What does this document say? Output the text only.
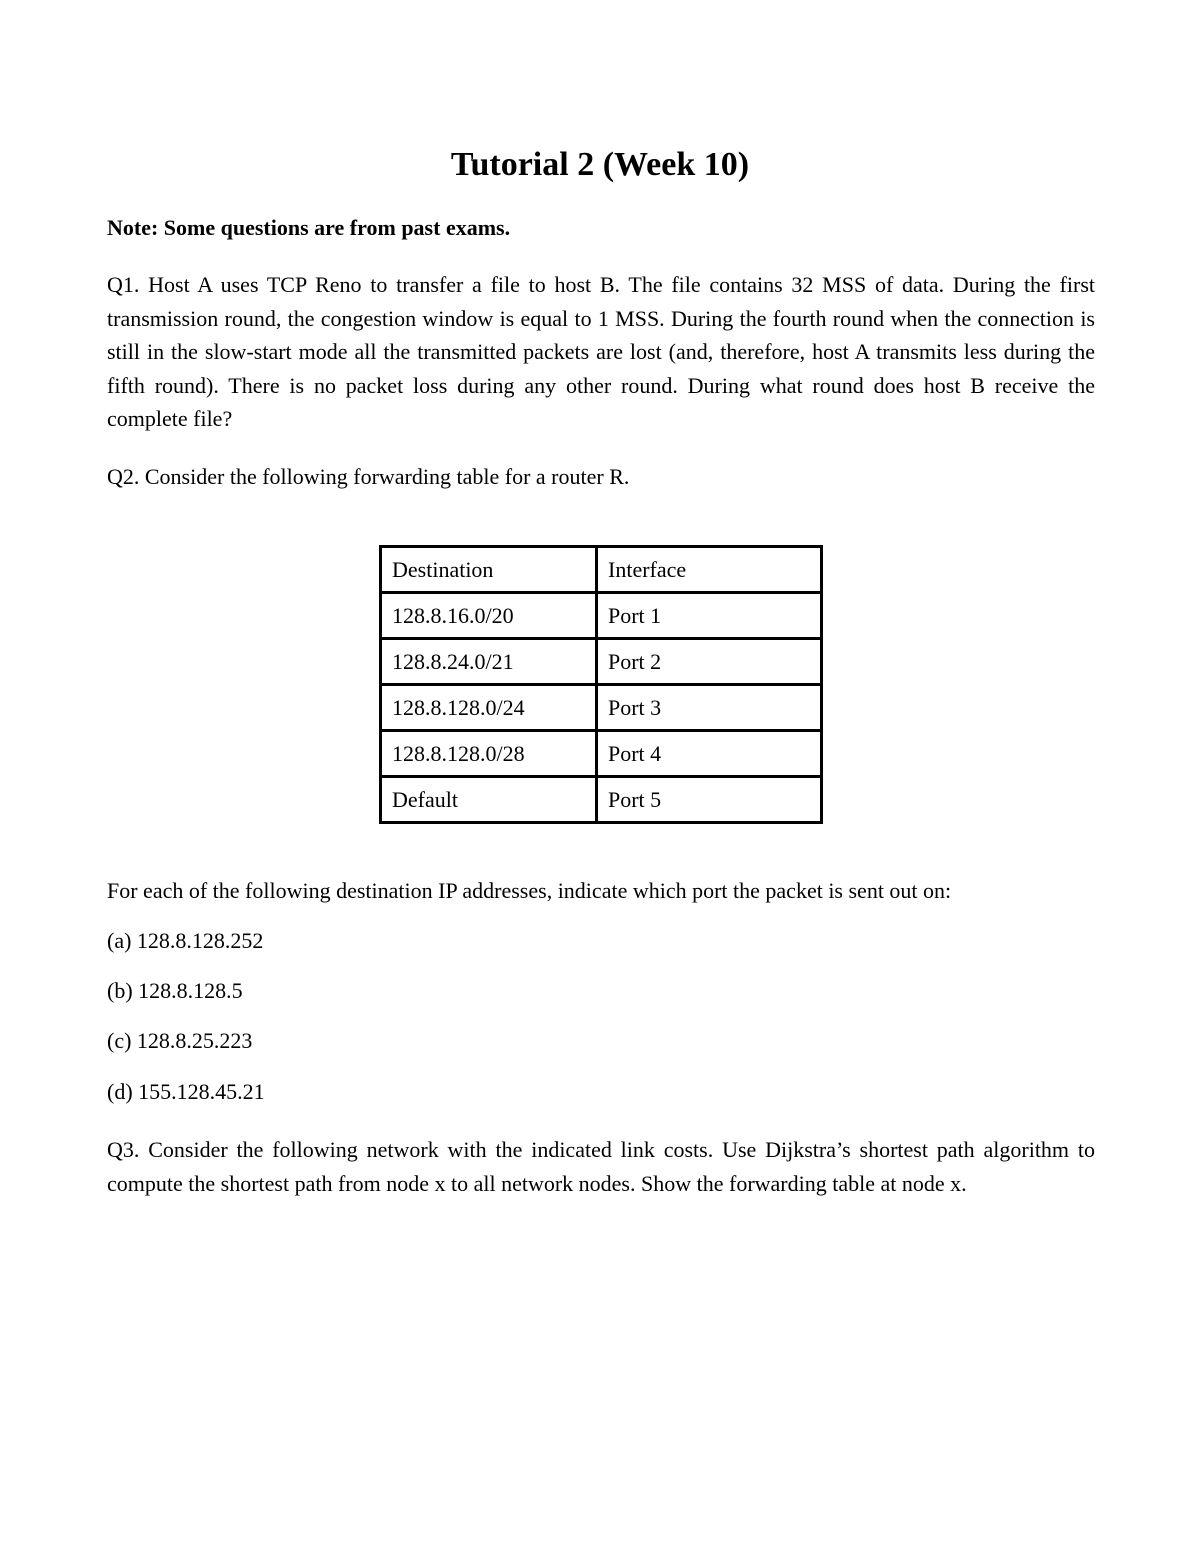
Tutorial 2 (Week 10)

Note: Some questions are from past exams.

Q1. Host A uses TCP Reno to transfer a file to host B. The file contains 32 MSS of data. During the first transmission round, the congestion window is equal to 1 MSS. During the fourth round when the connection is still in the slow-start mode all the transmitted packets are lost (and, therefore, host A transmits less during the fifth round). There is no packet loss during any other round. During what round does host B receive the complete file?

Q2. Consider the following forwarding table for a router R.

Destination	Interface
128.8.16.0/20	Port 1
128.8.24.0/21	Port 2
128.8.128.0/24	Port 3
128.8.128.0/28	Port 4
Default	Port 5

For each of the following destination IP addresses, indicate which port the packet is sent out on:

(a) 128.8.128.252

(b) 128.8.128.5

(c) 128.8.25.223

(d) 155.128.45.21

Q3. Consider the following network with the indicated link costs. Use Dijkstra’s shortest path algorithm to compute the shortest path from node x to all network nodes. Show the forwarding table at node x.
